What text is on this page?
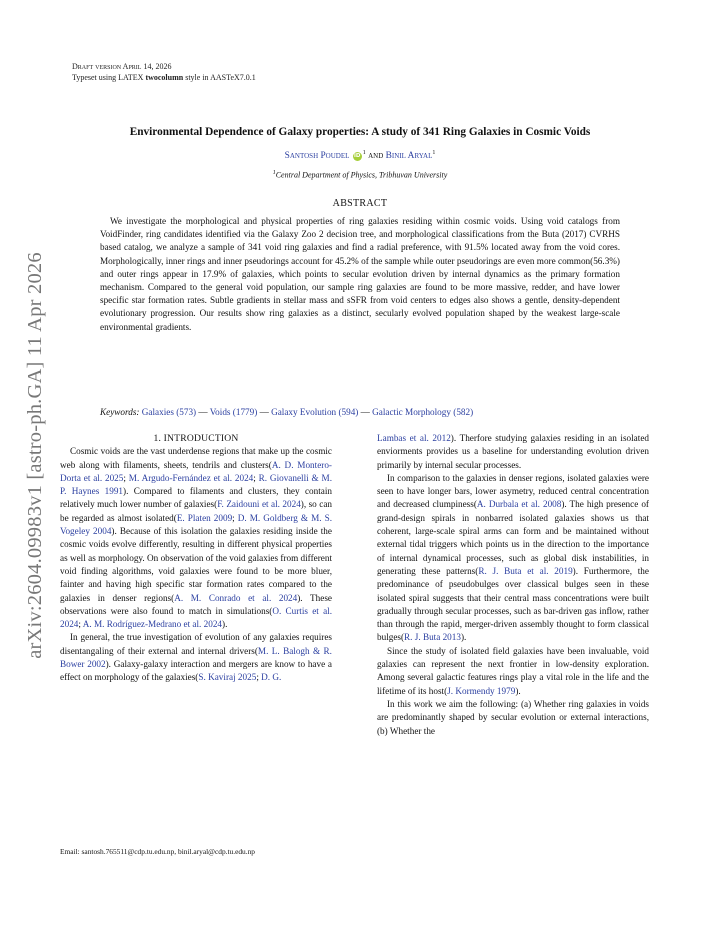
arXiv:2604.09983v1 [astro-ph.GA] 11 Apr 2026
Draft version April 14, 2026
Typeset using LATEX twocolumn style in AASTeX7.0.1
Environmental Dependence of Galaxy properties: A study of 341 Ring Galaxies in Cosmic Voids
Santosh Poudel $iD^1$ and Binil Aryal$^1$
$^1$Central Department of Physics, Tribhuvan University
ABSTRACT
We investigate the morphological and physical properties of ring galaxies residing within cosmic voids. Using void catalogs from VoidFinder, ring candidates identified via the Galaxy Zoo 2 decision tree, and morphological classifications from the Buta (2017) CVRHS based catalog, we analyze a sample of 341 void ring galaxies and find a radial preference, with 91.5% located away from the void cores. Morphologically, inner rings and inner pseudorings account for 45.2% of the sample while outer pseudorings are even more common(56.3%) and outer rings appear in 17.9% of galaxies, which points to secular evolution driven by internal dynamics as the primary formation mechanism. Compared to the general void population, our sample ring galaxies are found to be more massive, redder, and have lower specific star formation rates. Subtle gradients in stellar mass and sSFR from void centers to edges also shows a gentle, density-dependent evolutionary progression. Our results show ring galaxies as a distinct, secularly evolved population shaped by the weakest large-scale environmental gradients.
Keywords: Galaxies (573) — Voids (1779) — Galaxy Evolution (594) — Galactic Morphology (582)

1. INTRODUCTION

Cosmic voids are the vast underdense regions that make up the cosmic web along with filaments, sheets, tendrils and clusters(A. D. Montero-Dorta et al. 2025; M. Argudo-Fernández et al. 2024; R. Giovanelli & M. P. Haynes 1991). Compared to filaments and clusters, they contain relatively much lower number of galaxies(F. Zaidouni et al. 2024), so can be regarded as almost isolated(E. Platen 2009; D. M. Goldberg & M. S. Vogeley 2004). Because of this isolation the galaxies residing inside the cosmic voids evolve differently, resulting in different physical properties as well as morphology. On observation of the void galaxies from different void finding algorithms, void galaxies were found to be more bluer, fainter and having high specific star formation rates compared to the galaxies in denser regions(A. M. Conrado et al. 2024). These observations were also found to match in simulations(O. Curtis et al. 2024; A. M. Rodríguez-Medrano et al. 2024).

In general, the true investigation of evolution of any galaxies requires disentangaling of their external and internal drivers(M. L. Balogh & R. Bower 2002). Galaxy-galaxy interaction and mergers are know to have a effect on morphology of the galaxies(S. Kaviraj 2025; D. G.

Lambas et al. 2012). Therfore studying galaxies residing in an isolated enviorments provides us a baseline for understanding evolution driven primarily by internal secular processes.

In comparison to the galaxies in denser regions, isolated galaxies were seen to have longer bars, lower asymetry, reduced central concentration and decreased clumpiness(A. Durbala et al. 2008). The high presence of grand-design spirals in nonbarred isolated galaxies shows us that coherent, large-scale spiral arms can form and be maintained without external tidal triggers which points us in the direction to the importance of internal dynamical processes, such as global disk instabilities, in generating these patterns(R. J. Buta et al. 2019). Furthermore, the predominance of pseudobulges over classical bulges seen in these isolated spiral suggests that their central mass concentrations were built gradually through secular processes, such as bar-driven gas inflow, rather than through the rapid, merger-driven assembly thought to form classical bulges(R. J. Buta 2013).

Since the study of isolated field galaxies have been invaluable, void galaxies can represent the next frontier in low-density exploration. Among several galactic features rings play a vital role in the life and the lifetime of its host(J. Kormendy 1979).

In this work we aim the following: (a) Whether ring galaxies in voids are predominantly shaped by secular evolution or external interactions, (b) Whether the

Email: santosh.765511@cdp.tu.edu.np, binil.aryal@cdp.tu.edu.np
